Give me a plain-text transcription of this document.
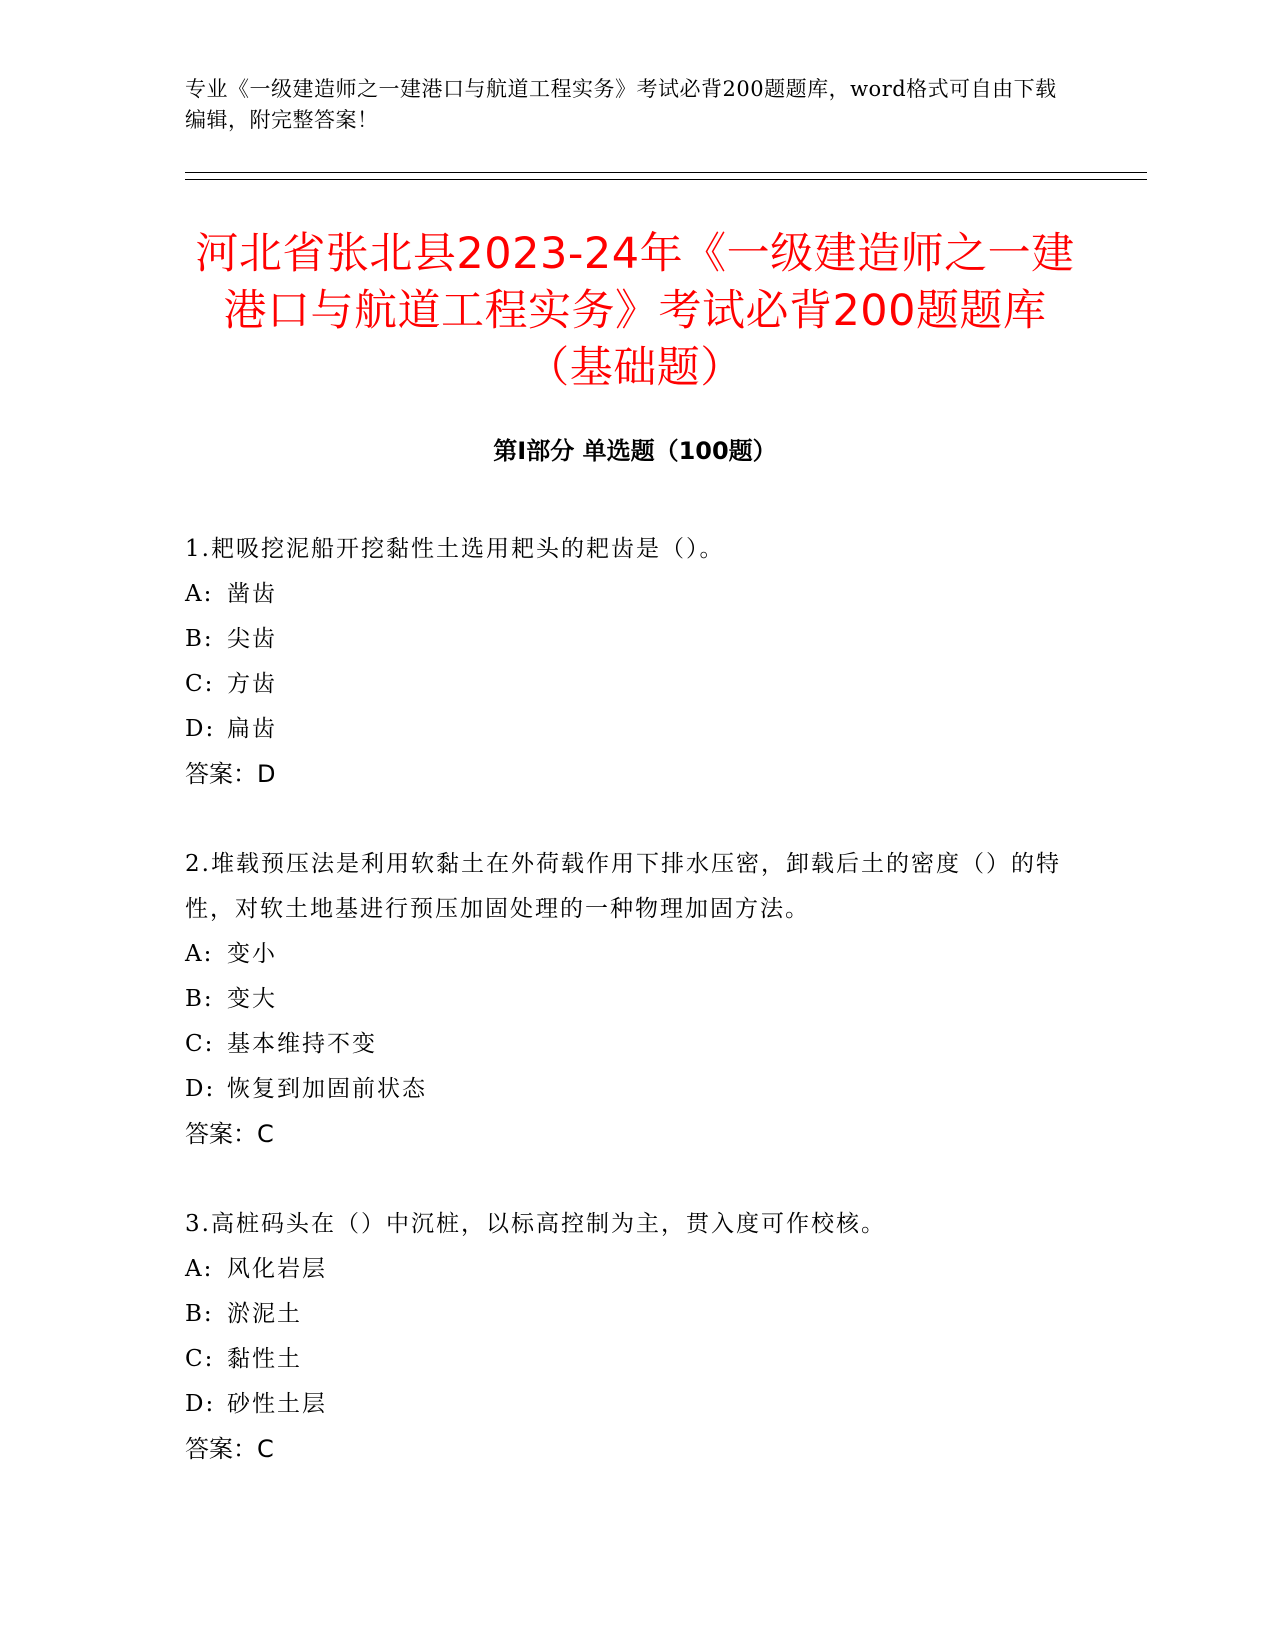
专业《一级建造师之一建港口与航道工程实务》考试必背200题题库，word格式可自由下载编辑，附完整答案！
河北省张北县2023-24年《一级建造师之一建港口与航道工程实务》考试必背200题题库（基础题）
第Ⅰ部分 单选题（100题）
1.耙吸挖泥船开挖黏性土选用耙头的耙齿是（）。
A: 凿齿
B: 尖齿
C: 方齿
D: 扁齿
答案：D
2.堆载预压法是利用软黏土在外荷载作用下排水压密，卸载后土的密度（）的特性，对软土地基进行预压加固处理的一种物理加固方法。
A: 变小
B: 变大
C: 基本维持不变
D: 恢复到加固前状态
答案：C
3.高桩码头在（）中沉桩，以标高控制为主，贯入度可作校核。
A: 风化岩层
B: 淤泥土
C: 黏性土
D: 砂性土层
答案：C
